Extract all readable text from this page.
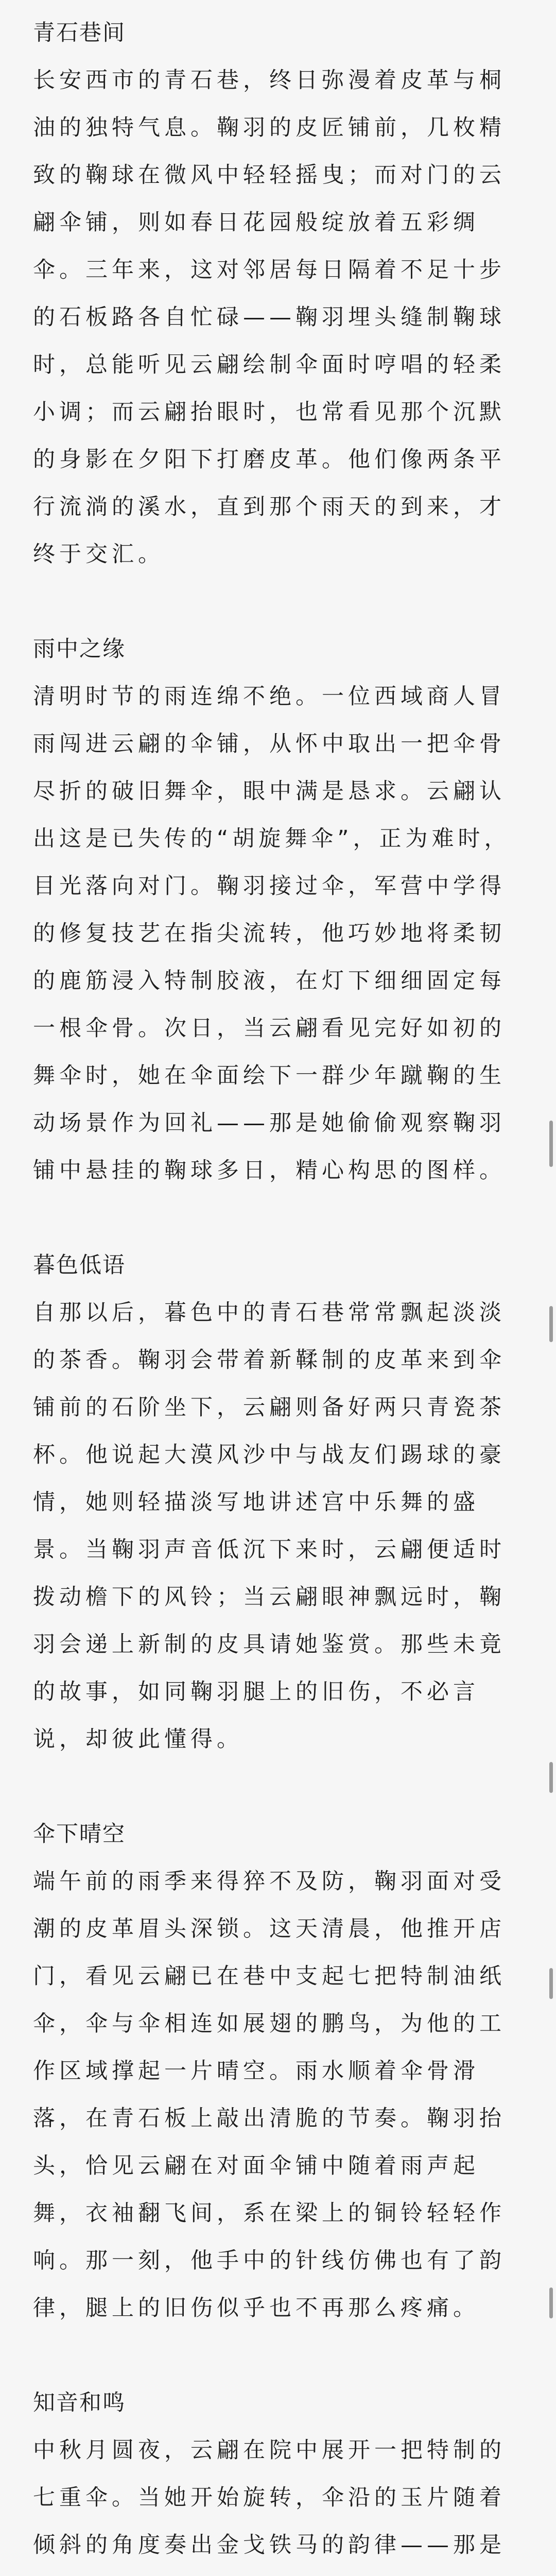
青石巷间

长安西市的青石巷，终日弥漫着皮革与桐油的独特气息。鞠羽的皮匠铺前，几枚精致的鞠球在微风中轻轻摇曳；而对门的云翩伞铺，则如春日花园般绽放着五彩绸伞。三年来，这对邻居每日隔着不足十步的石板路各自忙碌——鞠羽埋头缝制鞠球时，总能听见云翩绘制伞面时哼唱的轻柔小调；而云翩抬眼时，也常看见那个沉默的身影在夕阳下打磨皮革。他们像两条平行流淌的溪水，直到那个雨天的到来，才终于交汇。

雨中之缘

清明时节的雨连绵不绝。一位西域商人冒雨闯进云翩的伞铺，从怀中取出一把伞骨尽折的破旧舞伞，眼中满是恳求。云翩认出这是已失传的“胡旋舞伞”，正为难时，目光落向对门。鞠羽接过伞，军营中学得的修复技艺在指尖流转，他巧妙地将柔韧的鹿筋浸入特制胶液，在灯下细细固定每一根伞骨。次日，当云翩看见完好如初的舞伞时，她在伞面绘下一群少年蹴鞠的生动场景作为回礼——那是她偷偷观察鞠羽铺中悬挂的鞠球多日，精心构思的图样。

暮色低语

自那以后，暮色中的青石巷常常飘起淡淡的茶香。鞠羽会带着新鞣制的皮革来到伞铺前的石阶坐下，云翩则备好两只青瓷茶杯。他说起大漠风沙中与战友们踢球的豪情，她则轻描淡写地讲述宫中乐舞的盛景。当鞠羽声音低沉下来时，云翩便适时拨动檐下的风铃；当云翩眼神飘远时，鞠羽会递上新制的皮具请她鉴赏。那些未竟的故事，如同鞠羽腿上的旧伤，不必言说，却彼此懂得。

伞下晴空

端午前的雨季来得猝不及防，鞠羽面对受潮的皮革眉头深锁。这天清晨，他推开店门，看见云翩已在巷中支起七把特制油纸伞，伞与伞相连如展翅的鹏鸟，为他的工作区域撑起一片晴空。雨水顺着伞骨滑落，在青石板上敲出清脆的节奏。鞠羽抬头，恰见云翩在对面伞铺中随着雨声起舞，衣袖翻飞间，系在梁上的铜铃轻轻作响。那一刻，他手中的针线仿佛也有了韵律，腿上的旧伤似乎也不再那么疼痛。

知音和鸣

中秋月圆夜，云翩在院中展开一把特制的七重伞。当她开始旋转，伞沿的玉片随着倾斜的角度奏出金戈铁马的韵律——那是
